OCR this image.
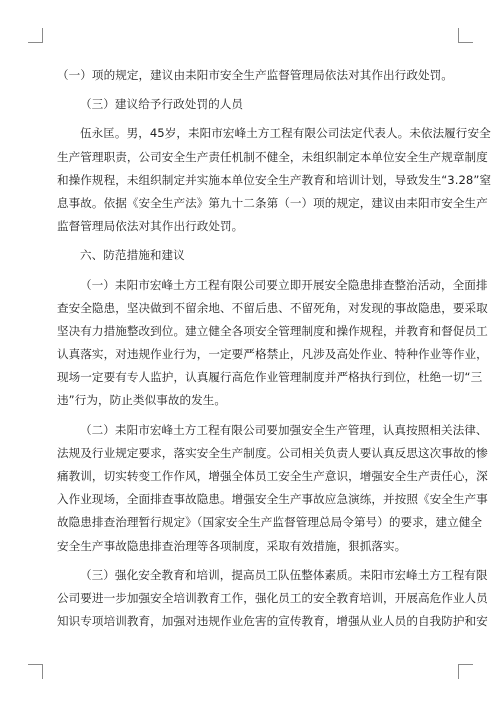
（一）项的规定，建议由耒阳市安全生产监督管理局依法对其作出行政处罚。
（三）建议给予行政处罚的人员
伍永匡。男，45岁，耒阳市宏峰土方工程有限公司法定代表人。未依法履行安全
生产管理职责，公司安全生产责任机制不健全，未组织制定本单位安全生产规章制度
和操作规程，未组织制定并实施本单位安全生产教育和培训计划，导致发生“3.28”窒
息事故。依据《安全生产法》第九十二条第（一）项的规定，建议由耒阳市安全生产
监督管理局依法对其作出行政处罚。
六、防范措施和建议
（一）耒阳市宏峰土方工程有限公司要立即开展安全隐患排查整治活动，全面排
查安全隐患，坚决做到不留余地、不留后患、不留死角，对发现的事故隐患，要采取
坚决有力措施整改到位。建立健全各项安全管理制度和操作规程，并教育和督促员工
认真落实，对违规作业行为，一定要严格禁止，凡涉及高处作业、特种作业等作业，
现场一定要有专人监护，认真履行高危作业管理制度并严格执行到位，杜绝一切“三
违”行为，防止类似事故的发生。
（二）耒阳市宏峰土方工程有限公司要加强安全生产管理，认真按照相关法律、
法规及行业规定要求，落实安全生产制度。公司相关负责人要认真反思这次事故的惨
痛教训，切实转变工作作风，增强全体员工安全生产意识，增强安全生产责任心，深
入作业现场，全面排查事故隐患。增强安全生产事故应急演练，并按照《安全生产事
故隐患排查治理暂行规定》（国家安全生产监督管理总局令第号）的要求，建立健全
安全生产事故隐患排查治理等各项制度，采取有效措施，狠抓落实。
（三）强化安全教育和培训，提高员工队伍整体素质。耒阳市宏峰土方工程有限
公司要进一步加强安全培训教育工作，强化员工的安全教育培训，开展高危作业人员
知识专项培训教育，加强对违规作业危害的宣传教育，增强从业人员的自我防护和安
